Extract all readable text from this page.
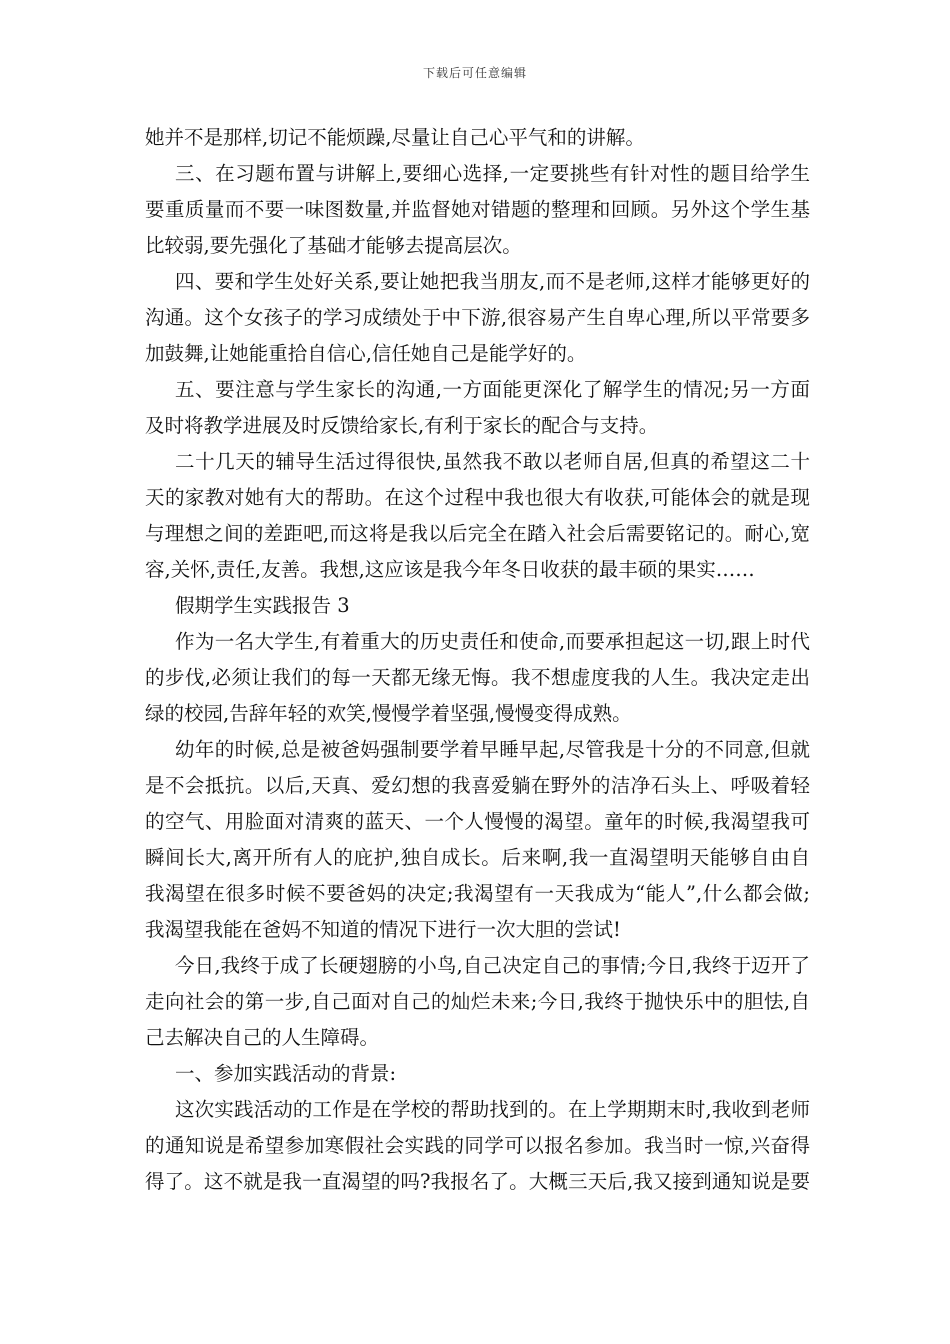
下载后可任意编辑
她并不是那样,切记不能烦躁,尽量让自己心平气和的讲解。
三、在习题布置与讲解上,要细心选择,一定要挑些有针对性的题目给学生
要重质量而不要一味图数量,并监督她对错题的整理和回顾。另外这个学生基
比较弱,要先强化了基础才能够去提高层次。
四、要和学生处好关系,要让她把我当朋友,而不是老师,这样才能够更好的
沟通。这个女孩子的学习成绩处于中下游,很容易产生自卑心理,所以平常要多
加鼓舞,让她能重拾自信心,信任她自己是能学好的。
五、要注意与学生家长的沟通,一方面能更深化了解学生的情况;另一方面
及时将教学进展及时反馈给家长,有利于家长的配合与支持。
二十几天的辅导生活过得很快,虽然我不敢以老师自居,但真的希望这二十
天的家教对她有大的帮助。在这个过程中我也很大有收获,可能体会的就是现
与理想之间的差距吧,而这将是我以后完全在踏入社会后需要铭记的。耐心,宽
容,关怀,责任,友善。我想,这应该是我今年冬日收获的最丰硕的果实……
假期学生实践报告 3
作为一名大学生,有着重大的历史责任和使命,而要承担起这一切,跟上时代
的步伐,必须让我们的每一天都无缘无悔。我不想虚度我的人生。我决定走出
绿的校园,告辞年轻的欢笑,慢慢学着坚强,慢慢变得成熟。
幼年的时候,总是被爸妈强制要学着早睡早起,尽管我是十分的不同意,但就
是不会抵抗。以后,天真、爱幻想的我喜爱躺在野外的洁净石头上、呼吸着轻
的空气、用脸面对清爽的蓝天、一个人慢慢的渴望。童年的时候,我渴望我可
瞬间长大,离开所有人的庇护,独自成长。后来啊,我一直渴望明天能够自由自
我渴望在很多时候不要爸妈的决定;我渴望有一天我成为“能人”,什么都会做;
我渴望我能在爸妈不知道的情况下进行一次大胆的尝试!
今日,我终于成了长硬翅膀的小鸟,自己决定自己的事情;今日,我终于迈开了
走向社会的第一步,自己面对自己的灿烂未来;今日,我终于抛快乐中的胆怯,自
己去解决自己的人生障碍。
一、参加实践活动的背景:
这次实践活动的工作是在学校的帮助找到的。在上学期期末时,我收到老师
的通知说是希望参加寒假社会实践的同学可以报名参加。我当时一惊,兴奋得
得了。这不就是我一直渴望的吗?我报名了。大概三天后,我又接到通知说是要
